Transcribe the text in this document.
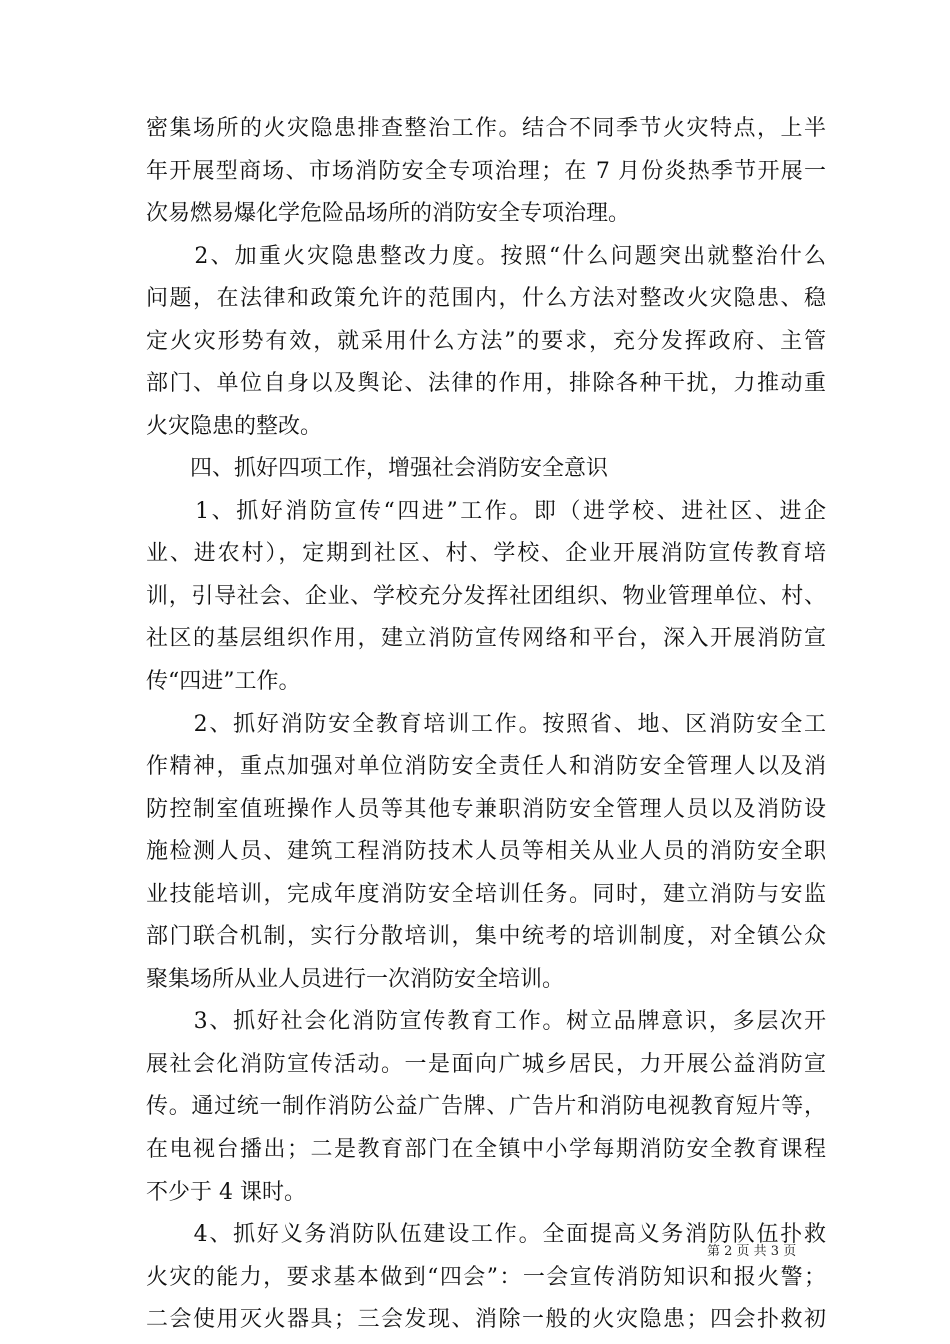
密集场所的火灾隐患排查整治工作。结合不同季节火灾特点，上半
年开展型商场、市场消防安全专项治理；在 7 月份炎热季节开展一
次易燃易爆化学危险品场所的消防安全专项治理。
　　2、加重火灾隐患整改力度。按照“什么问题突出就整治什么
问题，在法律和政策允许的范围内，什么方法对整改火灾隐患、稳
定火灾形势有效，就采用什么方法”的要求，充分发挥政府、主管
部门、单位自身以及舆论、法律的作用，排除各种干扰，力推动重
火灾隐患的整改。
　　四、抓好四项工作，增强社会消防安全意识
　　1、抓好消防宣传“四进”工作。即（进学校、进社区、进企
业、进农村），定期到社区、村、学校、企业开展消防宣传教育培
训，引导社会、企业、学校充分发挥社团组织、物业管理单位、村、
社区的基层组织作用，建立消防宣传网络和平台，深入开展消防宣
传“四进”工作。
　　2、抓好消防安全教育培训工作。按照省、地、区消防安全工
作精神，重点加强对单位消防安全责任人和消防安全管理人以及消
防控制室值班操作人员等其他专兼职消防安全管理人员以及消防设
施检测人员、建筑工程消防技术人员等相关从业人员的消防安全职
业技能培训，完成年度消防安全培训任务。同时，建立消防与安监
部门联合机制，实行分散培训，集中统考的培训制度，对全镇公众
聚集场所从业人员进行一次消防安全培训。
　　3、抓好社会化消防宣传教育工作。树立品牌意识，多层次开
展社会化消防宣传活动。一是面向广城乡居民，力开展公益消防宣
传。通过统一制作消防公益广告牌、广告片和消防电视教育短片等，
在电视台播出；二是教育部门在全镇中小学每期消防安全教育课程
不少于 4 课时。
　　4、抓好义务消防队伍建设工作。全面提高义务消防队伍扑救
火灾的能力，要求基本做到“四会”：一会宣传消防知识和报火警；
二会使用灭火器具；三会发现、消除一般的火灾隐患；四会扑救初
第 2 页 共 3 页
